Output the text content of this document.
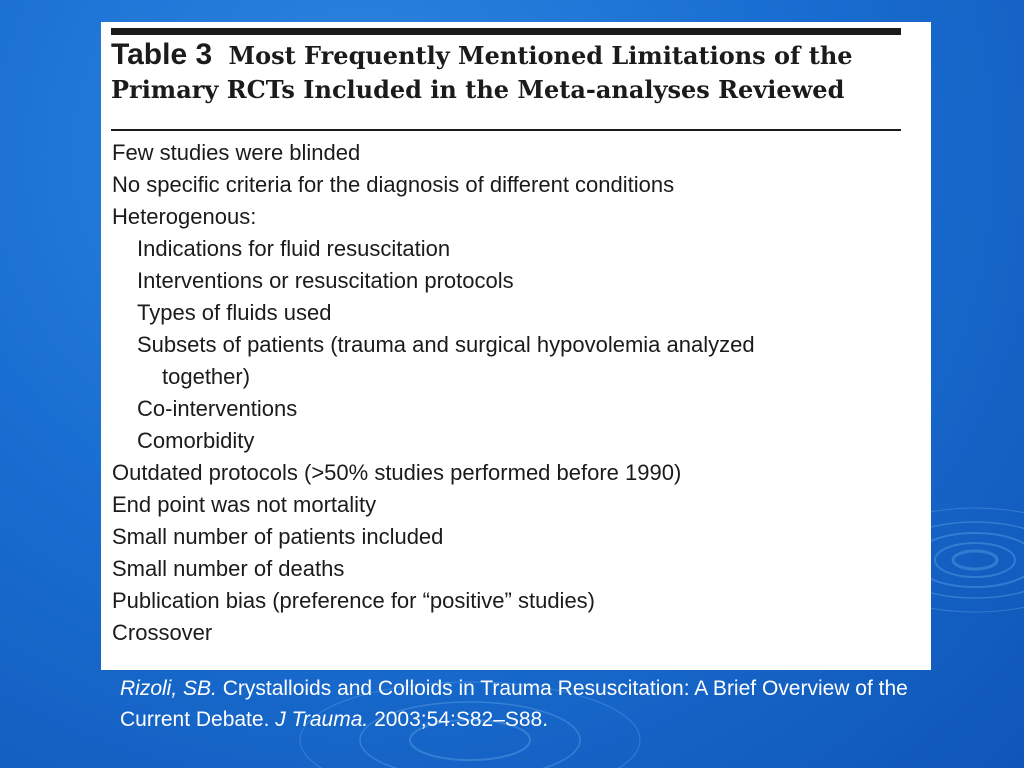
Table 3 Most Frequently Mentioned Limitations of the
Primary RCTs Included in the Meta-analyses Reviewed
Few studies were blinded
No specific criteria for the diagnosis of different conditions
Heterogenous:
Indications for fluid resuscitation
Interventions or resuscitation protocols
Types of fluids used
Subsets of patients (trauma and surgical hypovolemia analyzed
together)
Co-interventions
Comorbidity
Outdated protocols (>50% studies performed before 1990)
End point was not mortality
Small number of patients included
Small number of deaths
Publication bias (preference for “positive” studies)
Crossover
Rizoli, SB. Crystalloids and Colloids in Trauma Resuscitation: A Brief Overview of the Current Debate. J Trauma. 2003;54:S82–S88.
